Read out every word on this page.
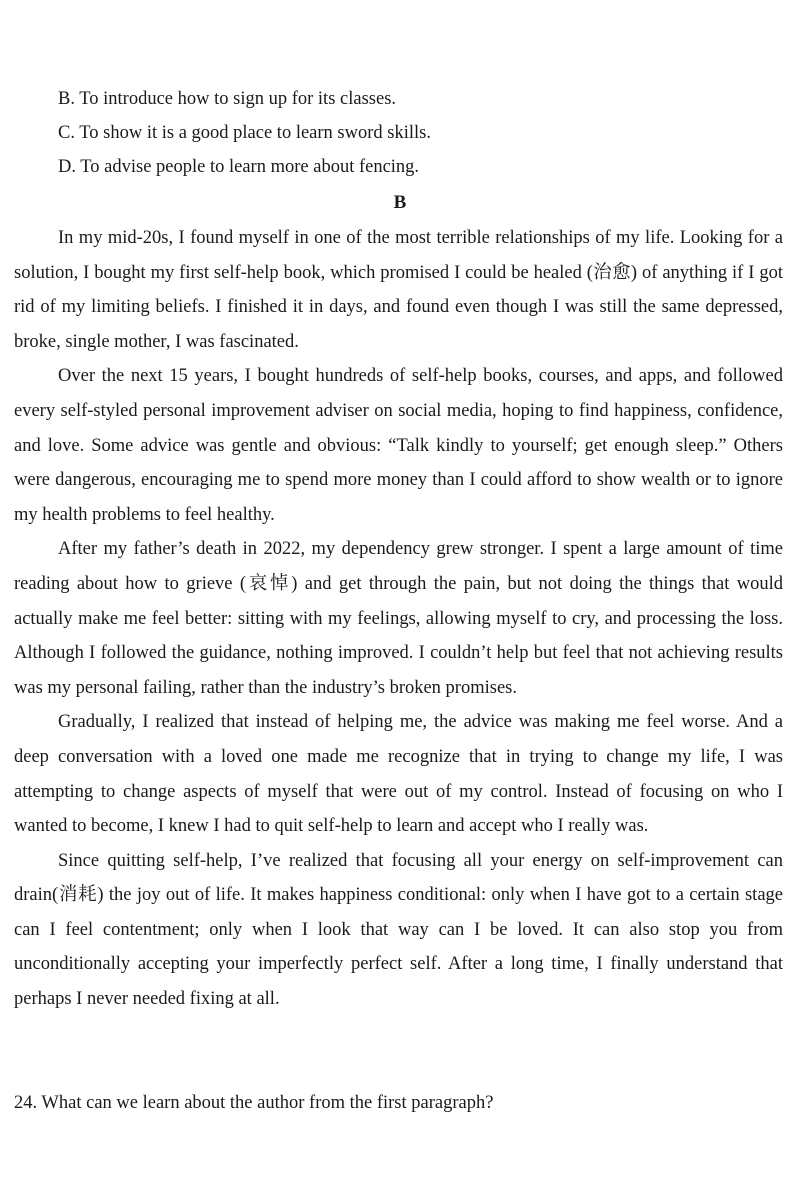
B. To introduce how to sign up for its classes.
C. To show it is a good place to learn sword skills.
D. To advise people to learn more about fencing.
B

In my mid-20s, I found myself in one of the most terrible relationships of my life. Looking for a solution, I bought my first self-help book, which promised I could be healed (治愈) of anything if I got rid of my limiting beliefs. I finished it in days, and found even though I was still the same depressed, broke, single mother, I was fascinated.

Over the next 15 years, I bought hundreds of self-help books, courses, and apps, and followed every self-styled personal improvement adviser on social media, hoping to find happiness, confidence, and love. Some advice was gentle and obvious: “Talk kindly to yourself; get enough sleep.” Others were dangerous, encouraging me to spend more money than I could afford to show wealth or to ignore my health problems to feel healthy.

After my father’s death in 2022, my dependency grew stronger. I spent a large amount of time reading about how to grieve (哀悼) and get through the pain, but not doing the things that would actually make me feel better: sitting with my feelings, allowing myself to cry, and processing the loss. Although I followed the guidance, nothing improved. I couldn’t help but feel that not achieving results was my personal failing, rather than the industry’s broken promises.

Gradually, I realized that instead of helping me, the advice was making me feel worse. And a deep conversation with a loved one made me recognize that in trying to change my life, I was attempting to change aspects of myself that were out of my control. Instead of focusing on who I wanted to become, I knew I had to quit self-help to learn and accept who I really was.

Since quitting self-help, I’ve realized that focusing all your energy on self-improvement can drain(消耗) the joy out of life. It makes happiness conditional: only when I have got to a certain stage can I feel contentment; only when I look that way can I be loved. It can also stop you from unconditionally accepting your imperfectly perfect self. After a long time, I finally understand that perhaps I never needed fixing at all.

24. What can we learn about the author from the first paragraph?
